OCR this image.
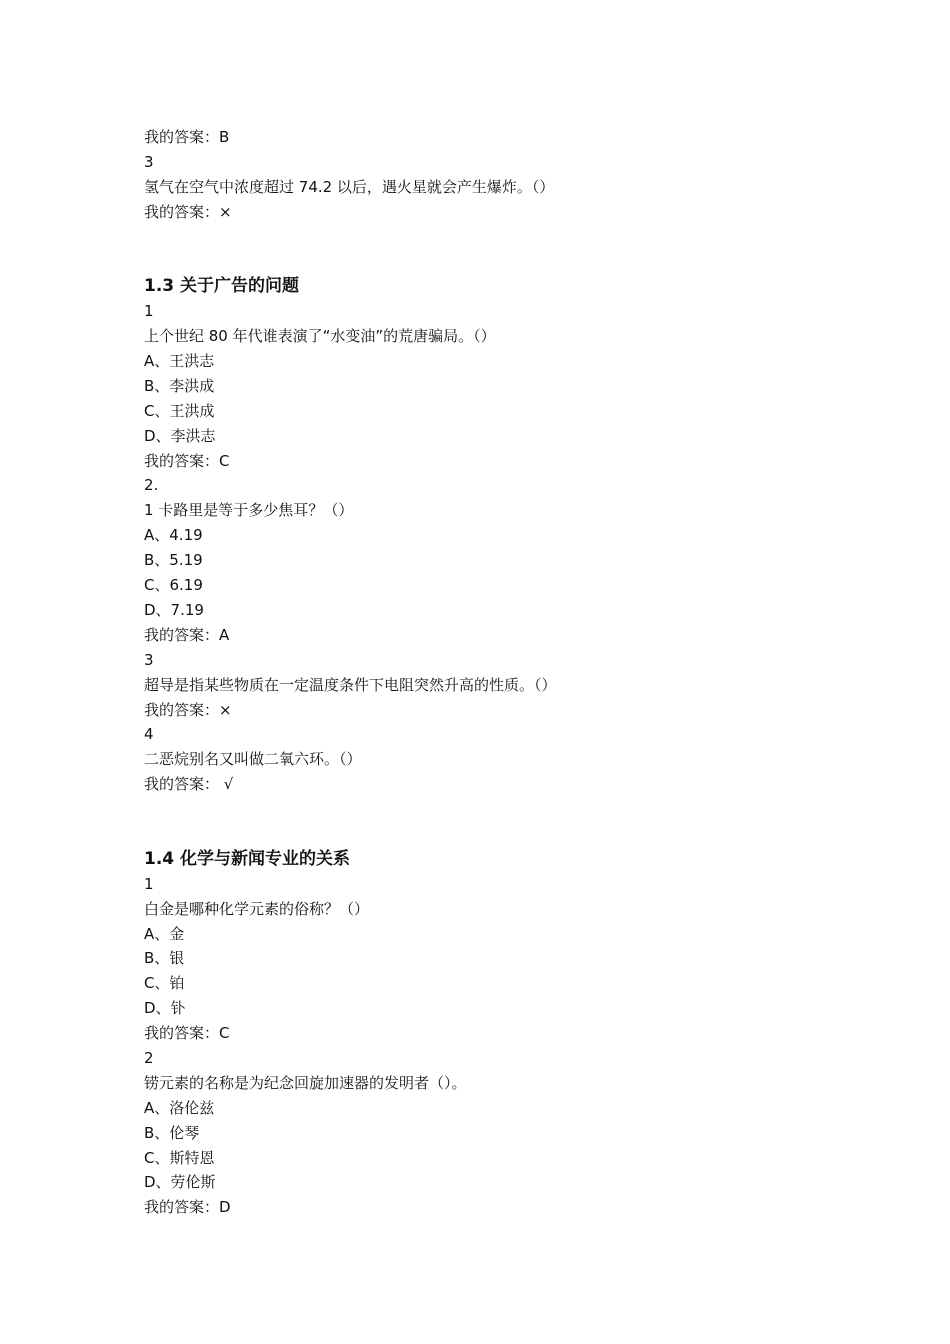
我的答案：B
3
氢气在空气中浓度超过 74.2 以后，遇火星就会产生爆炸。（）
我的答案：×
1.3 关于广告的问题
1
上个世纪 80 年代谁表演了“水变油”的荒唐骗局。（）
A、王洪志
B、李洪成
C、王洪成
D、李洪志
我的答案：C
2.
1 卡路里是等于多少焦耳？（）
A、4.19
B、5.19
C、6.19
D、7.19
我的答案：A
3
超导是指某些物质在一定温度条件下电阻突然升高的性质。（）
我的答案：×
4
二恶烷别名又叫做二氧六环。（）
我的答案： √
1.4 化学与新闻专业的关系
1
白金是哪种化学元素的俗称？（）
A、金
B、银
C、铂
D、钋
我的答案：C
2
铹元素的名称是为纪念回旋加速器的发明者（）。
A、洛伦兹
B、伦琴
C、斯特恩
D、劳伦斯
我的答案：D
